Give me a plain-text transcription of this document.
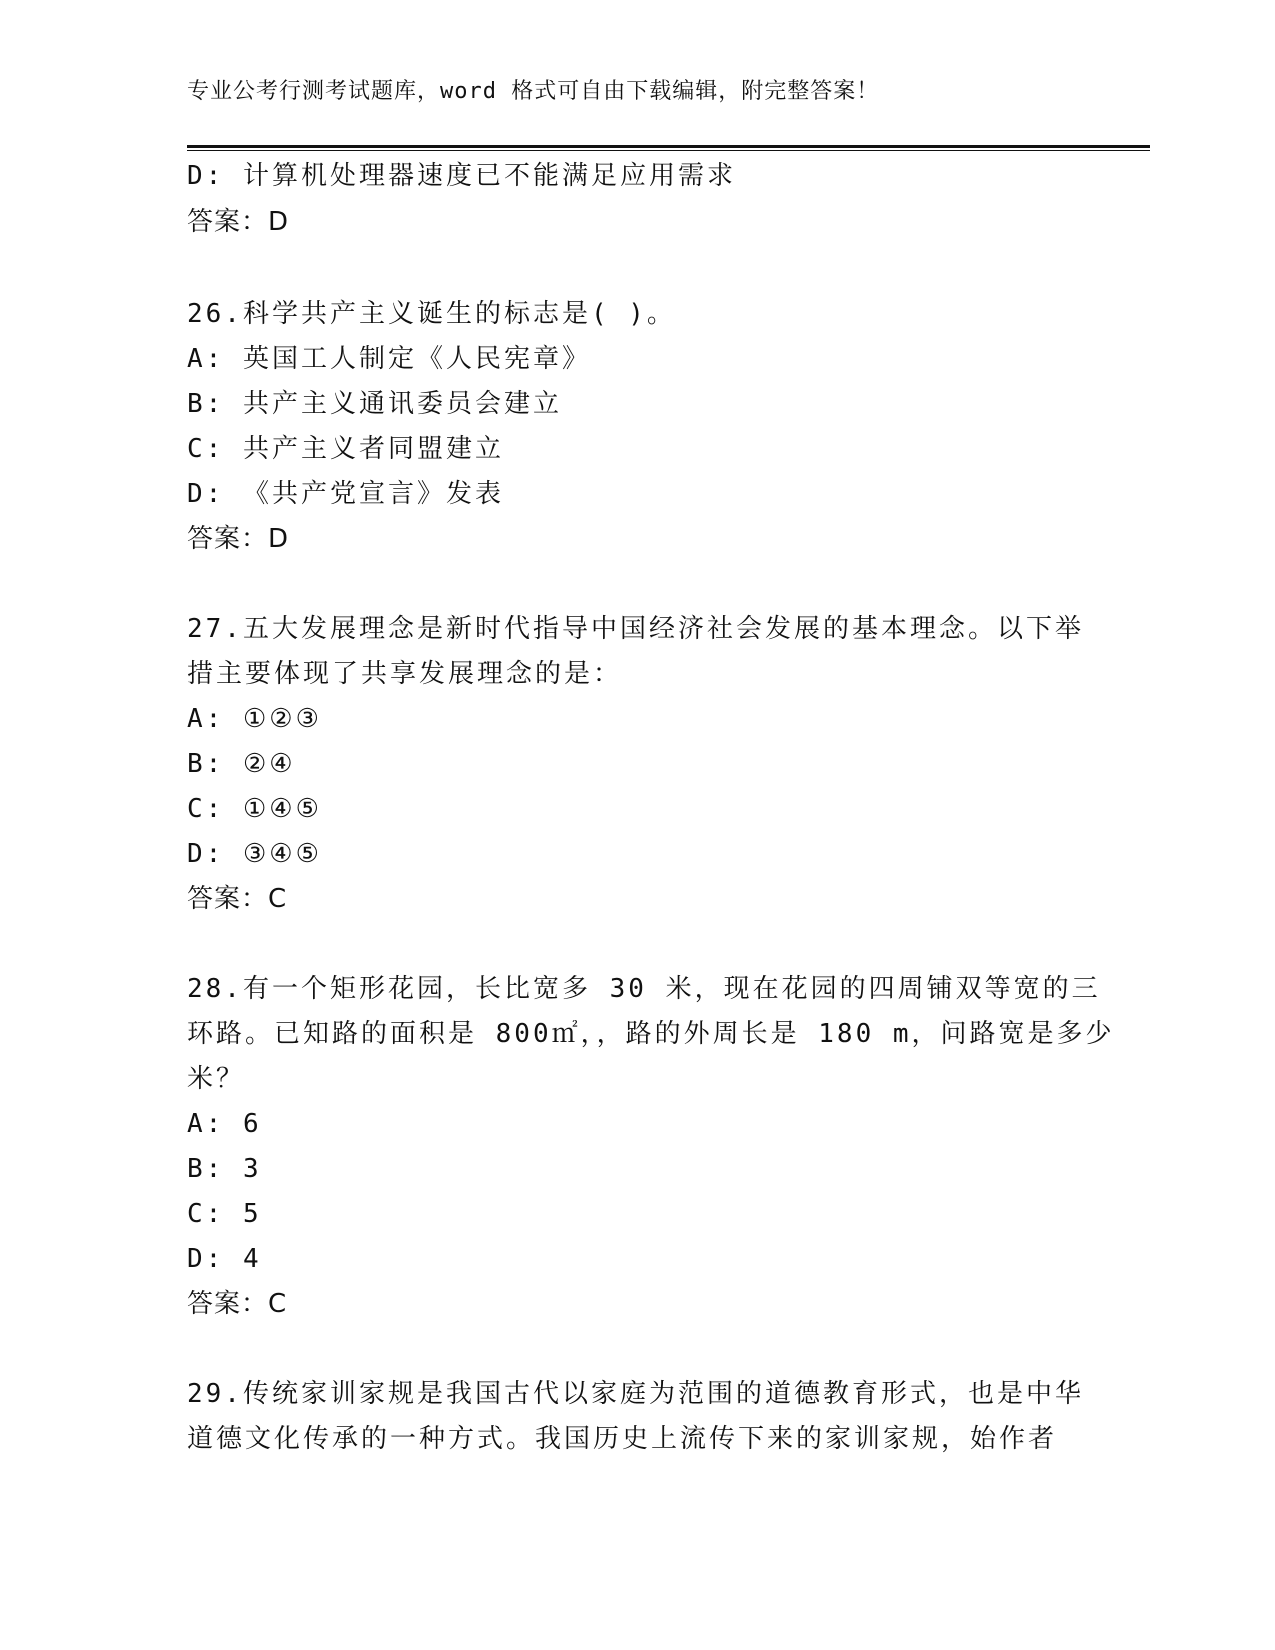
专业公考行测考试题库，word 格式可自由下载编辑，附完整答案！
D: 计算机处理器速度已不能满足应用需求
答案：D
26.科学共产主义诞生的标志是( )。
A: 英国工人制定《人民宪章》
B: 共产主义通讯委员会建立
C: 共产主义者同盟建立
D: 《共产党宣言》发表
答案：D
27.五大发展理念是新时代指导中国经济社会发展的基本理念。以下举
措主要体现了共享发展理念的是：
A: ①②③
B: ②④
C: ①④⑤
D: ③④⑤
答案：C
28.有一个矩形花园，长比宽多 30 米，现在花园的四周铺双等宽的三
环路。已知路的面积是 800㎡，，路的外周长是 180 m，问路宽是多少
米？
A: 6
B: 3
C: 5
D: 4
答案：C
29.传统家训家规是我国古代以家庭为范围的道德教育形式，也是中华
道德文化传承的一种方式。我国历史上流传下来的家训家规，始作者
